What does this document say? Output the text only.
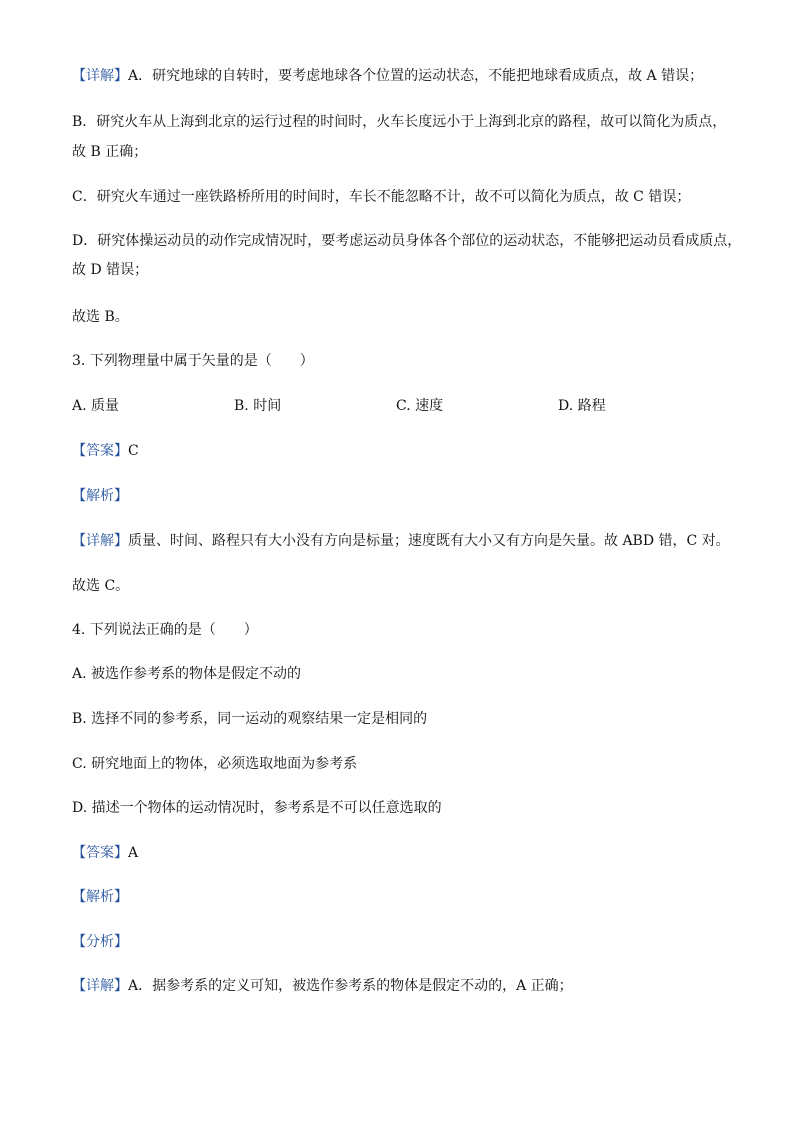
【详解】A．研究地球的自转时，要考虑地球各个位置的运动状态，不能把地球看成质点，故 A 错误；
B．研究火车从上海到北京的运行过程的时间时，火车长度远小于上海到北京的路程，故可以简化为质点，
故 B 正确；
C．研究火车通过一座铁路桥所用的时间时，车长不能忽略不计，故不可以简化为质点，故 C 错误；
D．研究体操运动员的动作完成情况时，要考虑运动员身体各个部位的运动状态，不能够把运动员看成质点，
故 D 错误；
故选 B。
3. 下列物理量中属于矢量的是（　　）
A. 质量	B. 时间	C. 速度	D. 路程
【答案】C
【解析】
【详解】质量、时间、路程只有大小没有方向是标量；速度既有大小又有方向是矢量。故 ABD 错，C 对。
故选 C。
4. 下列说法正确的是（　　）
A. 被选作参考系的物体是假定不动的
B. 选择不同的参考系，同一运动的观察结果一定是相同的
C. 研究地面上的物体，必须选取地面为参考系
D. 描述一个物体的运动情况时，参考系是不可以任意选取的
【答案】A
【解析】
【分析】
【详解】A．据参考系的定义可知，被选作参考系的物体是假定不动的，A 正确；
